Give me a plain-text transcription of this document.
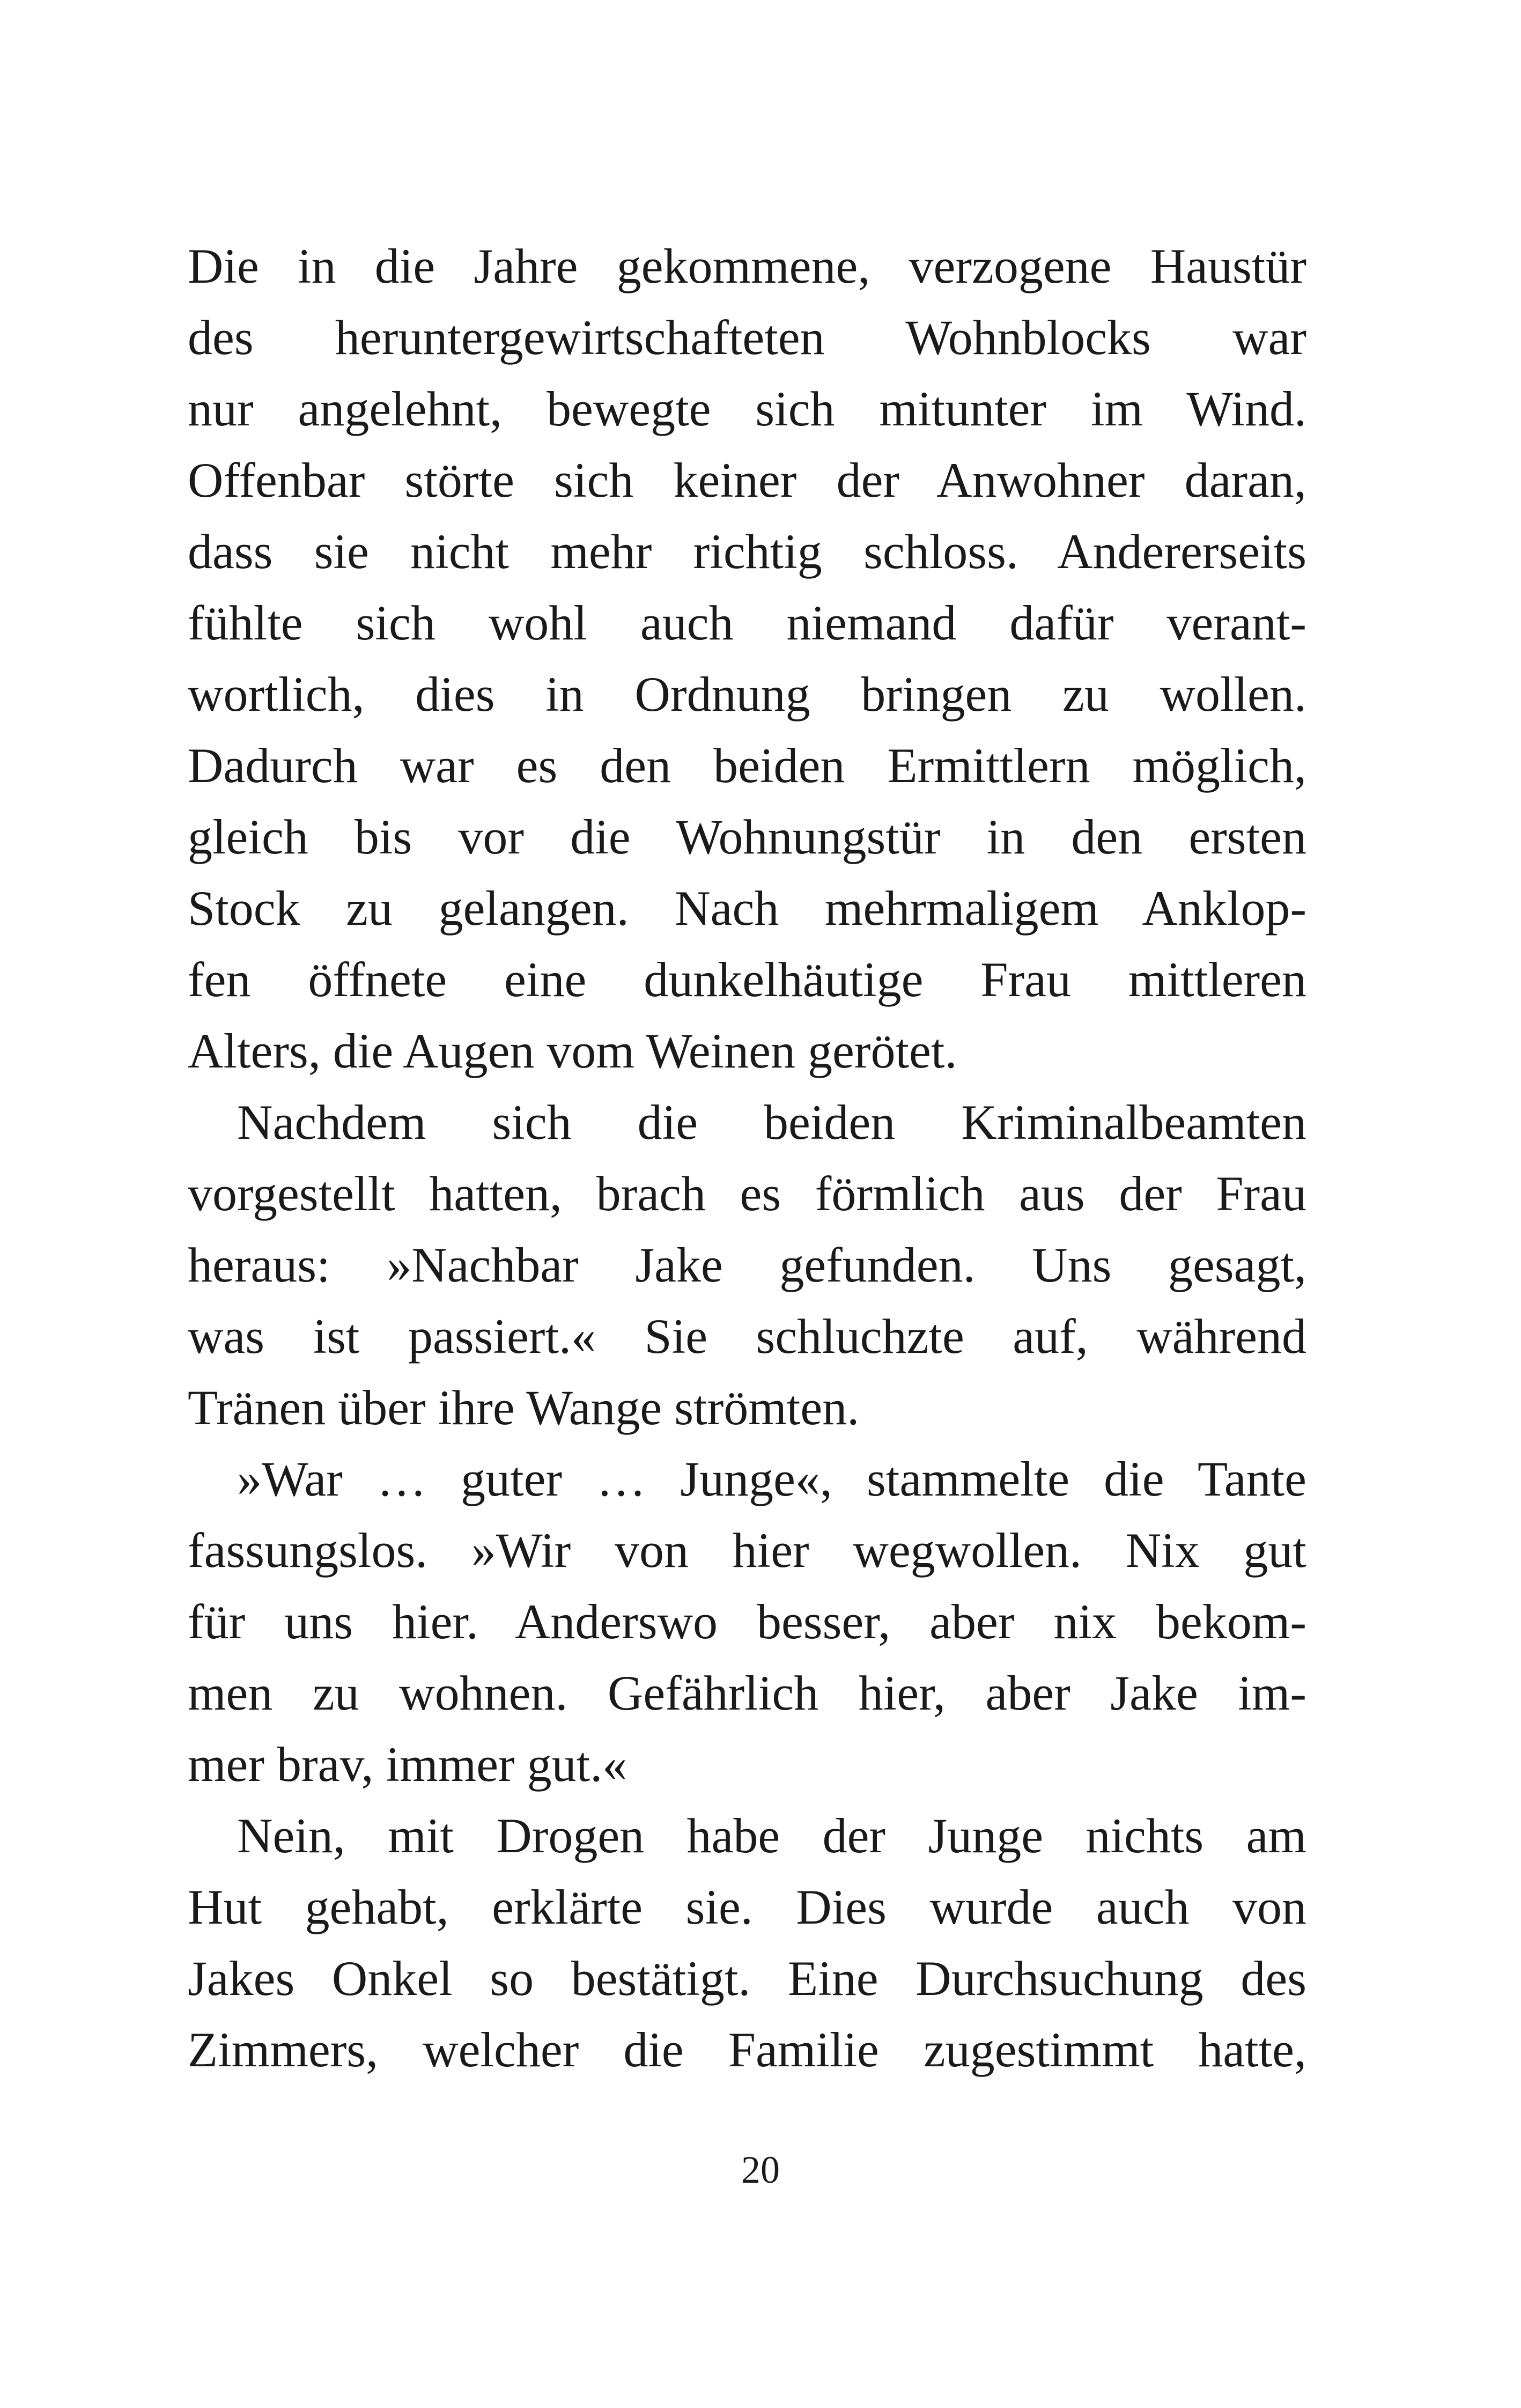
Die in die Jahre gekommene, verzogene Haustür
des heruntergewirtschafteten Wohnblocks war
nur angelehnt, bewegte sich mitunter im Wind.
Offenbar störte sich keiner der Anwohner daran,
dass sie nicht mehr richtig schloss. Andererseits
fühlte sich wohl auch niemand dafür verant-
wortlich, dies in Ordnung bringen zu wollen.
Dadurch war es den beiden Ermittlern möglich,
gleich bis vor die Wohnungstür in den ersten
Stock zu gelangen. Nach mehrmaligem Anklop-
fen öffnete eine dunkelhäutige Frau mittleren
Alters, die Augen vom Weinen gerötet.
Nachdem sich die beiden Kriminalbeamten
vorgestellt hatten, brach es förmlich aus der Frau
heraus: »Nachbar Jake gefunden. Uns gesagt,
was ist passiert.« Sie schluchzte auf, während
Tränen über ihre Wange strömten.
»War … guter … Junge«, stammelte die Tante
fassungslos. »Wir von hier wegwollen. Nix gut
für uns hier. Anderswo besser, aber nix bekom-
men zu wohnen. Gefährlich hier, aber Jake im-
mer brav, immer gut.«
Nein, mit Drogen habe der Junge nichts am
Hut gehabt, erklärte sie. Dies wurde auch von
Jakes Onkel so bestätigt. Eine Durchsuchung des
Zimmers, welcher die Familie zugestimmt hatte,
20
